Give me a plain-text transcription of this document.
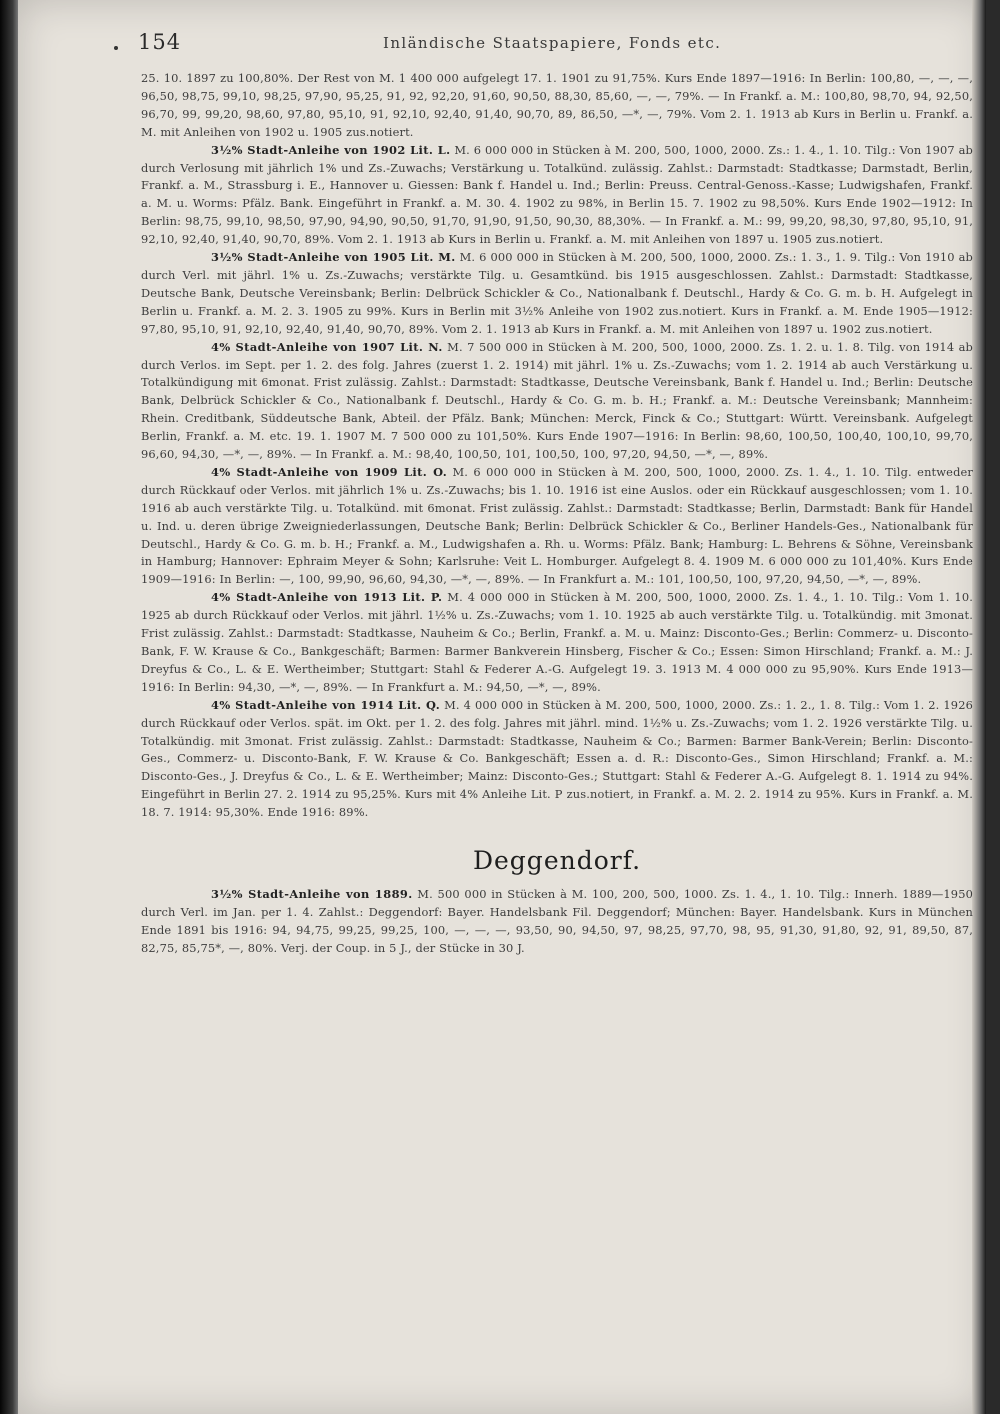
154	Inländische Staatspapiere, Fonds etc.

25. 10. 1897 zu 100,80%. Der Rest von M. 1 400 000 aufgelegt 17. 1. 1901 zu 91,75%. Kurs Ende 1897—1916: In Berlin: 100,80, —, —, —, 96,50, 98,75, 99,10, 98,25, 97,90, 95,25, 91, 92, 92,20, 91,60, 90,50, 88,30, 85,60, —, —, 79%. — In Frankf. a. M.: 100,80, 98,70, 94, 92,50, 96,70, 99, 99,20, 98,60, 97,80, 95,10, 91, 92,10, 92,40, 91,40, 90,70, 89, 86,50, —*, —, 79%. Vom 2. 1. 1913 ab Kurs in Berlin u. Frankf. a. M. mit Anleihen von 1902 u. 1905 zus.notiert.

3½% Stadt-Anleihe von 1902 Lit. L. M. 6 000 000 in Stücken à M. 200, 500, 1000, 2000. Zs.: 1. 4., 1. 10. Tilg.: Von 1907 ab durch Verlosung mit jährlich 1% und Zs.-Zuwachs; Verstärkung u. Totalkünd. zulässig. Zahlst.: Darmstadt: Stadtkasse; Darmstadt, Berlin, Frankf. a. M., Strassburg i. E., Hannover u. Giessen: Bank f. Handel u. Ind.; Berlin: Preuss. Central-Genoss.-Kasse; Ludwigshafen, Frankf. a. M. u. Worms: Pfälz. Bank. Eingeführt in Frankf. a. M. 30. 4. 1902 zu 98%, in Berlin 15. 7. 1902 zu 98,50%. Kurs Ende 1902—1912: In Berlin: 98,75, 99,10, 98,50, 97,90, 94,90, 90,50, 91,70, 91,90, 91,50, 90,30, 88,30%. — In Frankf. a. M.: 99, 99,20, 98,30, 97,80, 95,10, 91, 92,10, 92,40, 91,40, 90,70, 89%. Vom 2. 1. 1913 ab Kurs in Berlin u. Frankf. a. M. mit Anleihen von 1897 u. 1905 zus.notiert.

3½% Stadt-Anleihe von 1905 Lit. M. M. 6 000 000 in Stücken à M. 200, 500, 1000, 2000. Zs.: 1. 3., 1. 9. Tilg.: Von 1910 ab durch Verl. mit jährl. 1% u. Zs.-Zuwachs; verstärkte Tilg. u. Gesamtkünd. bis 1915 ausgeschlossen. Zahlst.: Darmstadt: Stadtkasse, Deutsche Bank, Deutsche Vereinsbank; Berlin: Delbrück Schickler & Co., Nationalbank f. Deutschl., Hardy & Co. G. m. b. H. Aufgelegt in Berlin u. Frankf. a. M. 2. 3. 1905 zu 99%. Kurs in Berlin mit 3½% Anleihe von 1902 zus.notiert. Kurs in Frankf. a. M. Ende 1905—1912: 97,80, 95,10, 91, 92,10, 92,40, 91,40, 90,70, 89%. Vom 2. 1. 1913 ab Kurs in Frankf. a. M. mit Anleihen von 1897 u. 1902 zus.notiert.

4% Stadt-Anleihe von 1907 Lit. N. M. 7 500 000 in Stücken à M. 200, 500, 1000, 2000. Zs. 1. 2. u. 1. 8. Tilg. von 1914 ab durch Verlos. im Sept. per 1. 2. des folg. Jahres (zuerst 1. 2. 1914) mit jährl. 1% u. Zs.-Zuwachs; vom 1. 2. 1914 ab auch Verstärkung u. Totalkündigung mit 6monat. Frist zulässig. Zahlst.: Darmstadt: Stadtkasse, Deutsche Vereinsbank, Bank f. Handel u. Ind.; Berlin: Deutsche Bank, Delbrück Schickler & Co., Nationalbank f. Deutschl., Hardy & Co. G. m. b. H.; Frankf. a. M.: Deutsche Vereinsbank; Mannheim: Rhein. Creditbank, Süddeutsche Bank, Abteil. der Pfälz. Bank; München: Merck, Finck & Co.; Stuttgart: Württ. Vereinsbank. Aufgelegt Berlin, Frankf. a. M. etc. 19. 1. 1907 M. 7 500 000 zu 101,50%. Kurs Ende 1907—1916: In Berlin: 98,60, 100,50, 100,40, 100,10, 99,70, 96,60, 94,30, —*, —, 89%. — In Frankf. a. M.: 98,40, 100,50, 101, 100,50, 100, 97,20, 94,50, —*, —, 89%.

4% Stadt-Anleihe von 1909 Lit. O. M. 6 000 000 in Stücken à M. 200, 500, 1000, 2000. Zs. 1. 4., 1. 10. Tilg. entweder durch Rückkauf oder Verlos. mit jährlich 1% u. Zs.-Zuwachs; bis 1. 10. 1916 ist eine Auslos. oder ein Rückkauf ausgeschlossen; vom 1. 10. 1916 ab auch verstärkte Tilg. u. Totalkünd. mit 6monat. Frist zulässig. Zahlst.: Darmstadt: Stadtkasse; Berlin, Darmstadt: Bank für Handel u. Ind. u. deren übrige Zweigniederlassungen, Deutsche Bank; Berlin: Delbrück Schickler & Co., Berliner Handels-Ges., Nationalbank für Deutschl., Hardy & Co. G. m. b. H.; Frankf. a. M., Ludwigshafen a. Rh. u. Worms: Pfälz. Bank; Hamburg: L. Behrens & Söhne, Vereinsbank in Hamburg; Hannover: Ephraim Meyer & Sohn; Karlsruhe: Veit L. Homburger. Aufgelegt 8. 4. 1909 M. 6 000 000 zu 101,40%. Kurs Ende 1909—1916: In Berlin: —, 100, 99,90, 96,60, 94,30, —*, —, 89%. — In Frankfurt a. M.: 101, 100,50, 100, 97,20, 94,50, —*, —, 89%.

4% Stadt-Anleihe von 1913 Lit. P. M. 4 000 000 in Stücken à M. 200, 500, 1000, 2000. Zs. 1. 4., 1. 10. Tilg.: Vom 1. 10. 1925 ab durch Rückkauf oder Verlos. mit jährl. 1½% u. Zs.-Zuwachs; vom 1. 10. 1925 ab auch verstärkte Tilg. u. Totalkündig. mit 3monat. Frist zulässig. Zahlst.: Darmstadt: Stadtkasse, Nauheim & Co.; Berlin, Frankf. a. M. u. Mainz: Disconto-Ges.; Berlin: Commerz- u. Disconto-Bank, F. W. Krause & Co., Bankgeschäft; Barmen: Barmer Bankverein Hinsberg, Fischer & Co.; Essen: Simon Hirschland; Frankf. a. M.: J. Dreyfus & Co., L. & E. Wertheimber; Stuttgart: Stahl & Federer A.-G. Aufgelegt 19. 3. 1913 M. 4 000 000 zu 95,90%. Kurs Ende 1913—1916: In Berlin: 94,30, —*, —, 89%. — In Frankfurt a. M.: 94,50, —*, —, 89%.

4% Stadt-Anleihe von 1914 Lit. Q. M. 4 000 000 in Stücken à M. 200, 500, 1000, 2000. Zs.: 1. 2., 1. 8. Tilg.: Vom 1. 2. 1926 durch Rückkauf oder Verlos. spät. im Okt. per 1. 2. des folg. Jahres mit jährl. mind. 1½% u. Zs.-Zuwachs; vom 1. 2. 1926 verstärkte Tilg. u. Totalkündig. mit 3monat. Frist zulässig. Zahlst.: Darmstadt: Stadtkasse, Nauheim & Co.; Barmen: Barmer Bank-Verein; Berlin: Disconto-Ges., Commerz- u. Disconto-Bank, F. W. Krause & Co. Bankgeschäft; Essen a. d. R.: Disconto-Ges., Simon Hirschland; Frankf. a. M.: Disconto-Ges., J. Dreyfus & Co., L. & E. Wertheimber; Mainz: Disconto-Ges.; Stuttgart: Stahl & Federer A.-G. Aufgelegt 8. 1. 1914 zu 94%. Eingeführt in Berlin 27. 2. 1914 zu 95,25%. Kurs mit 4% Anleihe Lit. P zus.notiert, in Frankf. a. M. 2. 2. 1914 zu 95%. Kurs in Frankf. a. M. 18. 7. 1914: 95,30%. Ende 1916: 89%.

Deggendorf.

3½% Stadt-Anleihe von 1889. M. 500 000 in Stücken à M. 100, 200, 500, 1000. Zs. 1. 4., 1. 10. Tilg.: Innerh. 1889—1950 durch Verl. im Jan. per 1. 4. Zahlst.: Deggendorf: Bayer. Handelsbank Fil. Deggendorf; München: Bayer. Handelsbank. Kurs in München Ende 1891 bis 1916: 94, 94,75, 99,25, 99,25, 100, —, —, —, 93,50, 90, 94,50, 97, 98,25, 97,70, 98, 95, 91,30, 91,80, 92, 91, 89,50, 87, 82,75, 85,75*, —, 80%. Verj. der Coup. in 5 J., der Stücke in 30 J.
